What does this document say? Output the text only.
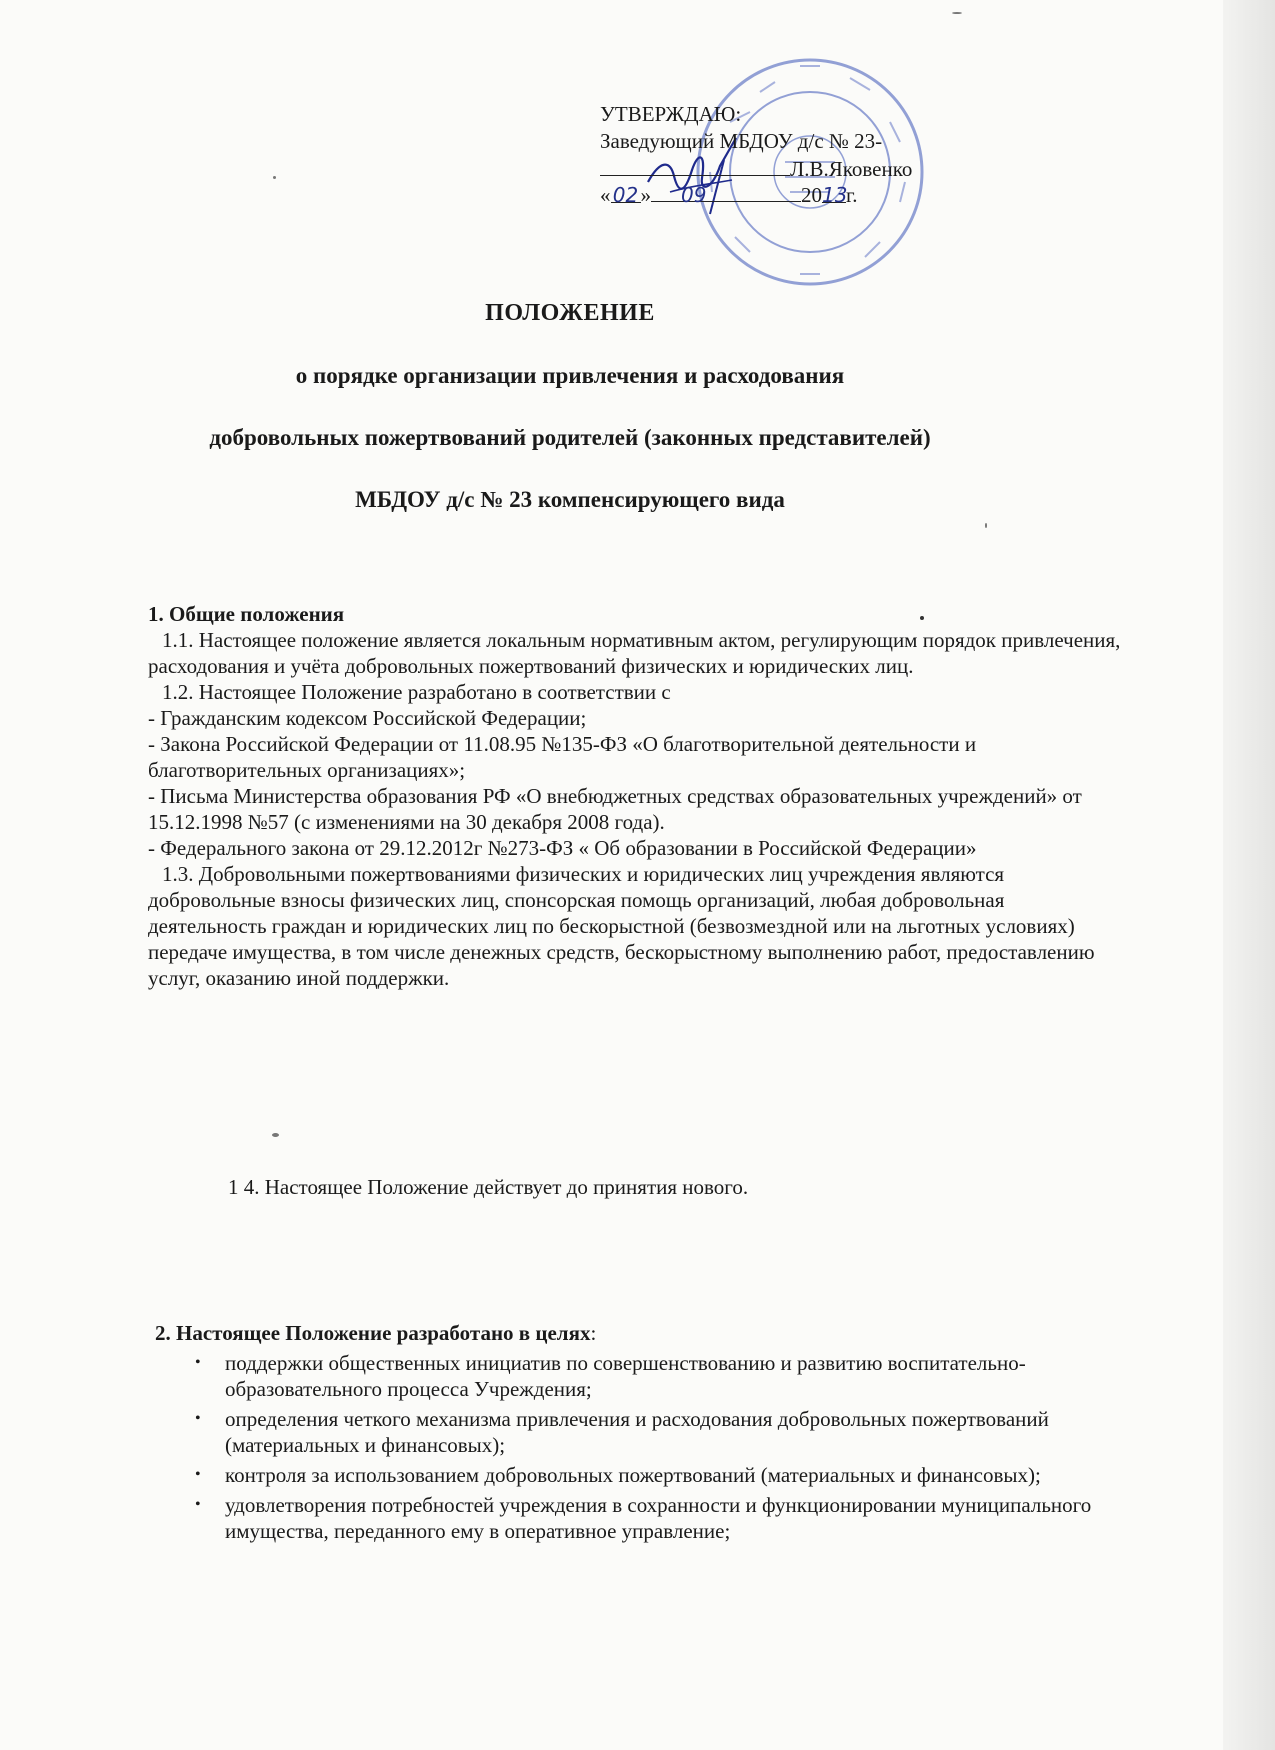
УТВЕРЖДАЮ:
Заведующий МБДОУ д/с № 23-
Л.В.Яковенко
« 02 » 09	2013г.

ПОЛОЖЕНИЕ

о порядке организации привлечения и расходования

добровольных пожертвований родителей (законных представителей)

МБДОУ д/с № 23 компенсирующего вида

1. Общие положения

1.1. Настоящее положение является локальным нормативным актом, регулирующим порядок привлечения, расходования и учёта добровольных пожертвований физических и юридических лиц.

1.2. Настоящее Положение разработано в соответствии с

- Гражданским кодексом Российской Федерации;

- Закона Российской Федерации от 11.08.95 №135-ФЗ «О благотворительной деятельности и благотворительных организациях»;

- Письма Министерства образования РФ «О внебюджетных средствах образовательных учреждений» от 15.12.1998 №57 (с изменениями на 30 декабря 2008 года).

- Федерального закона от 29.12.2012г №273-ФЗ « Об образовании в Российской Федерации»

1.3. Добровольными пожертвованиями физических и юридических лиц учреждения являются добровольные взносы физических лиц, спонсорская помощь организаций, любая добровольная деятельность граждан и юридических лиц по бескорыстной (безвозмездной или на льготных условиях) передаче имущества, в том числе денежных средств, бескорыстному выполнению работ, предоставлению услуг, оказанию иной поддержки.

1 4. Настоящее Положение действует до принятия нового.

2. Настоящее Положение разработано в целях:

• поддержки общественных инициатив по совершенствованию и развитию воспитательно-образовательного процесса Учреждения;
• определения четкого механизма привлечения и расходования добровольных пожертвований (материальных и финансовых);
• контроля за использованием добровольных пожертвований (материальных и финансовых);
• удовлетворения потребностей учреждения в сохранности и функционировании муниципального имущества, переданного ему в оперативное управление;
